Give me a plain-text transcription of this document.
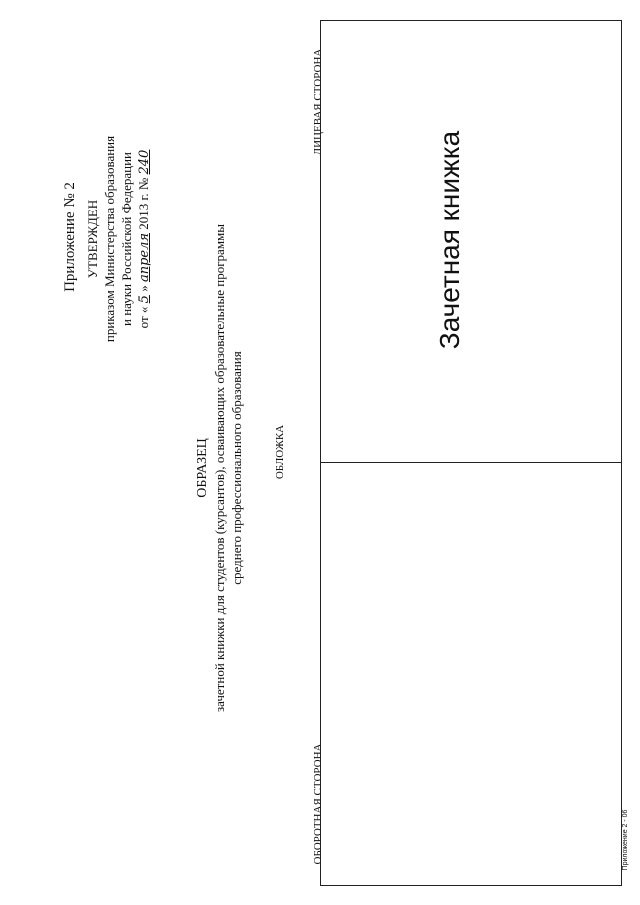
Приложение № 2 УТВЕРЖДЕН приказом Министерства образования и науки Российской Федерации от « 5 » апреля 2013 г. № 240
ОБРАЗЕЦ зачетной книжки для студентов (курсантов), осваивающих образовательные программы среднего профессионального образования	ОБЛОЖКА
ЛИЦЕВАЯ СТОРОНА
ОБОРОТНАЯ СТОРОНА
Зачетная книжка
Приложение 2 - 06
